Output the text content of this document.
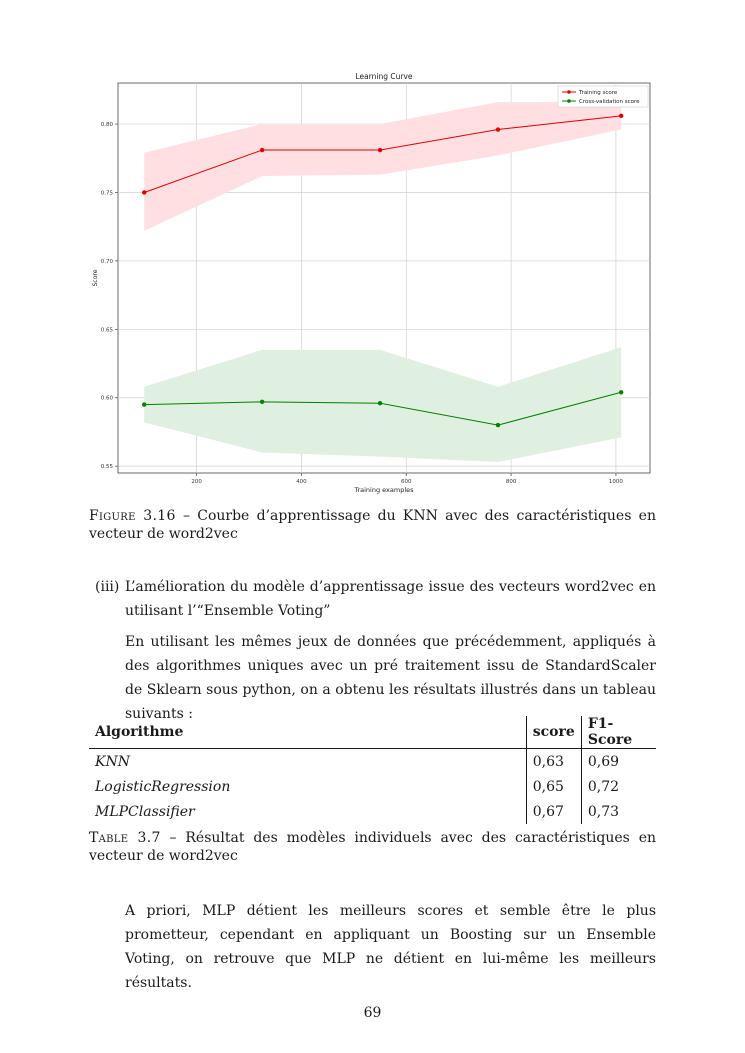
200	400	600	800	1000
0.55
0.60
0.65
0.70
0.75
0.80
Learning Curve
Training examples
Score
Training score
Cross-validation score
Figure 3.16 – Courbe d’apprentissage du KNN avec des caractéristiques en vecteur de word2vec
(iii) L’amélioration du modèle d’apprentissage issue des vecteurs word2vec en utilisant l’“Ensemble Voting”
En utilisant les mêmes jeux de données que précédemment, appliqués à des algorithmes uniques avec un pré traitement issu de StandardScaler de Sklearn sous python, on a obtenu les résultats illustrés dans un tableau suivants :
Algorithme	score	F1-Score
KNN	0,63	0,69
LogisticRegression	0,65	0,72
MLPClassifier	0,67	0,73
Table 3.7 – Résultat des modèles individuels avec des caractéristiques en vecteur de word2vec
A priori, MLP détient les meilleurs scores et semble être le plus prometteur, cependant en appliquant un Boosting sur un Ensemble Voting, on retrouve que MLP ne détient en lui-même les meilleurs résultats.
69
